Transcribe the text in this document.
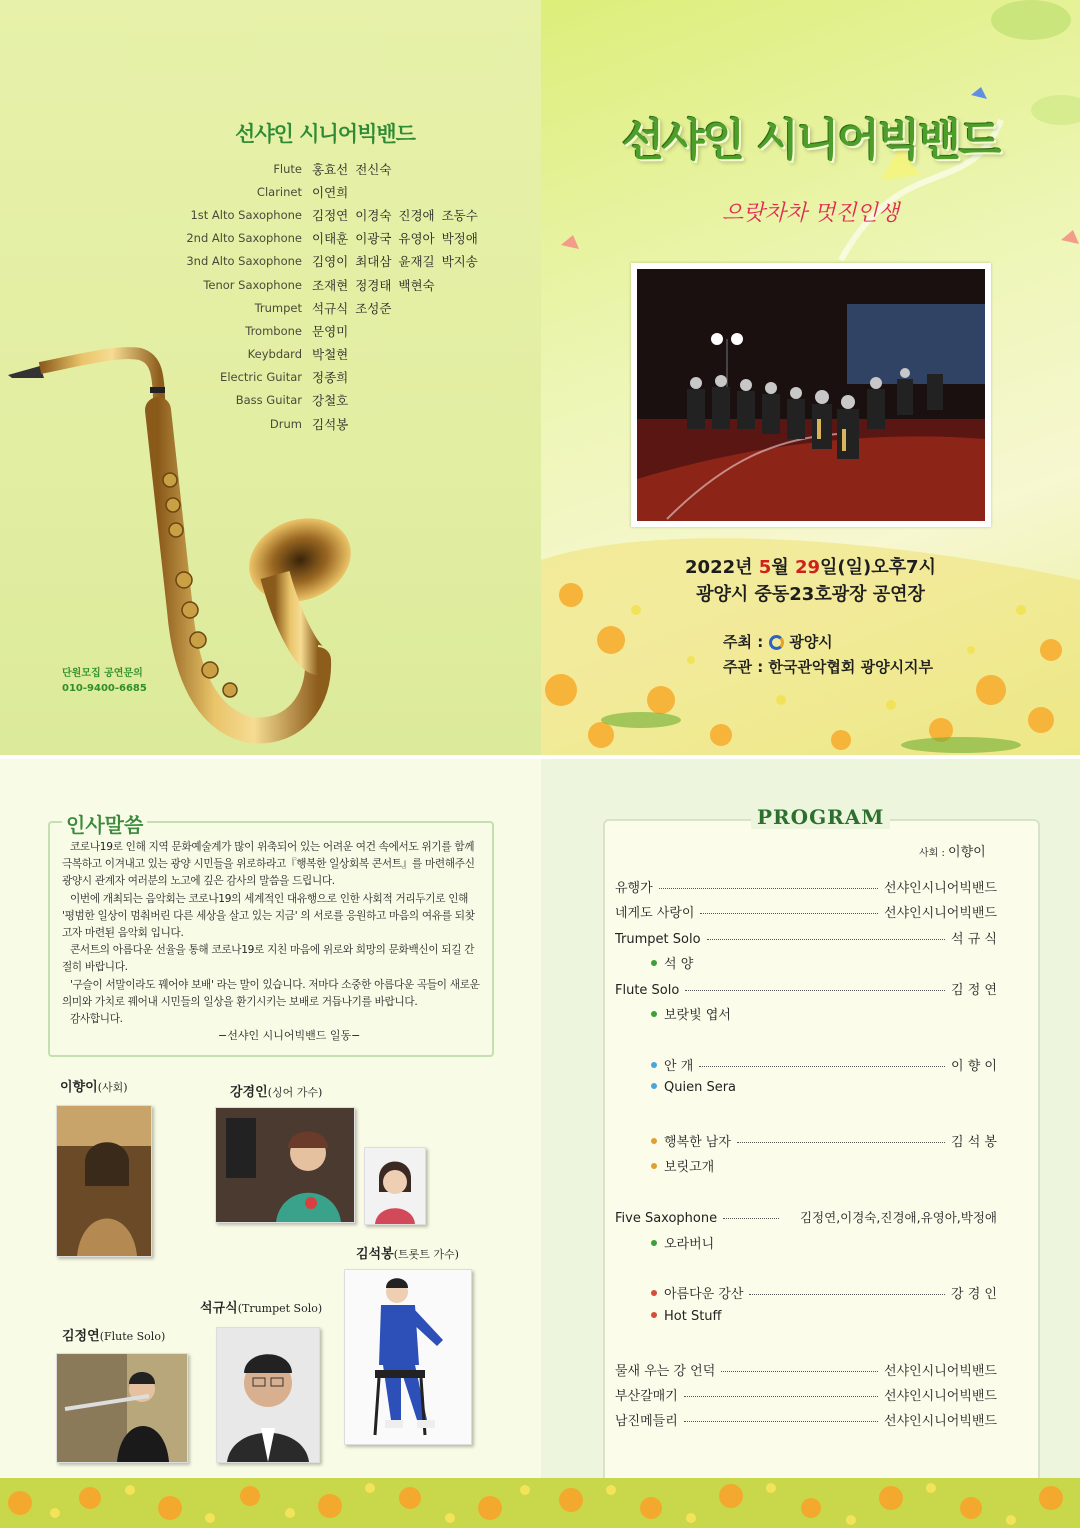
선샤인 시니어빅밴드
Flute 홍효선 전신숙
Clarinet 이연희
1st Alto Saxophone 김정연 이경숙 진경애 조동수
2nd Alto Saxophone 이태훈 이광국 유영아 박정애
3nd Alto Saxophone 김영이 최대삼 윤재길 박지송
Tenor Saxophone 조재현 정경태 백현숙
Trumpet 석규식 조성준
Trombone 문영미
Keybdard 박철현
Electric Guitar 정종희
Bass Guitar 강철호
Drum 김석봉
단원모집 공연문의
010-9400-6685
선샤인 시니어빅밴드
으랏차차 멋진인생
2022년 5월 29일(일)오후7시
광양시 중동23호광장 공연장
주최 : 광양시
주관 : 한국관악협회 광양시지부
인사말씀

코로나19로 인해 지역 문화예술계가 많이 위축되어 있는 어려운 여건 속에서도 위기를 함께 극복하고 이겨내고 있는 광양 시민들을 위로하라고『행복한 일상회복 콘서트』를 마련해주신 광양시 관계자 여러분의 노고에 깊은 감사의 말씀을 드립니다.

이번에 개최되는 음악회는 코로나19의 세계적인 대유행으로 인한 사회적 거리두기로 인해 '평범한 일상이 멈춰버린 다른 세상을 살고 있는 지금' 의 서로를 응원하고 마음의 여유를 되찾고자 마련된 음악회 입니다.

콘서트의 아름다운 선율을 통해 코로나19로 지친 마음에 위로와 희망의 문화백신이 되길 간절히 바랍니다.

'구슬이 서말이라도 꿰어야 보배' 라는 말이 있습니다. 저마다 소중한 아름다운 곡들이 새로운 의미와 가치로 꿰어내 시민들의 일상을 환기시키는 보배로 거듭나기를 바랍니다.

감사합니다.

−선샤인 시니어빅밴드 일동−
이향이(사회)	강경인(싱어 가수)
김석봉(트롯트 가수)
석규식(Trumpet Solo)
김정연(Flute Solo)
PROGRAM
사회 : 이향이
유행가	선샤인시니어빅밴드
네게도 사랑이	선샤인시니어빅밴드
Trumpet Solo	석 규 식
석 양
Flute Solo	김 정 연
보랏빛 엽서
안 개	이 향 이
Quien Sera
행복한 남자	김 석 봉
보릿고개
Five Saxophone	김정연,이경숙,진경애,유영아,박정애
오라버니
아름다운 강산	강 경 인
Hot Stuff
물새 우는 강 언덕	선샤인시니어빅밴드
부산갈매기	선샤인시니어빅밴드
남진메들리	선샤인시니어빅밴드
